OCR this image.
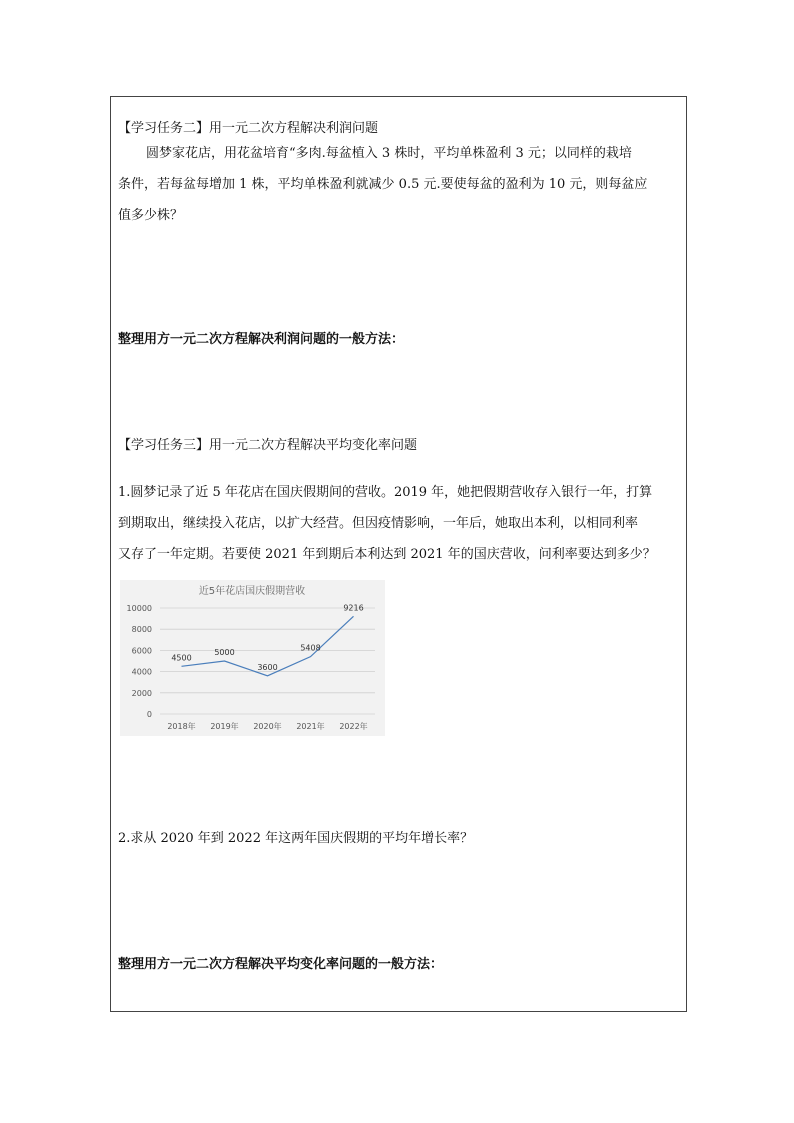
【学习任务二】用一元二次方程解决利润问题
圆梦家花店，用花盆培育“多肉.每盆植入 3 株时，平均单株盈利 3 元；以同样的栽培
条件，若每盆每增加 1 株，平均单株盈利就减少 0.5 元.要使每盆的盈利为 10 元，则每盆应
值多少株？
整理用方一元二次方程解决利润问题的一般方法：
【学习任务三】用一元二次方程解决平均变化率问题
1.圆梦记录了近 5 年花店在国庆假期间的营收。2019 年，她把假期营收存入银行一年，打算
到期取出，继续投入花店，以扩大经营。但因疫情影响，一年后，她取出本利，以相同利率
又存了一年定期。若要使 2021 年到期后本利达到 2021 年的国庆营收，问利率要达到多少？
近5年花店国庆假期营收
0
2000
4000
6000
8000
10000
2018年 2019年 2020年 2021年 2022年
4500
5000
3600
5408
9216
2.求从 2020 年到 2022 年这两年国庆假期的平均年增长率？
整理用方一元二次方程解决平均变化率问题的一般方法：
